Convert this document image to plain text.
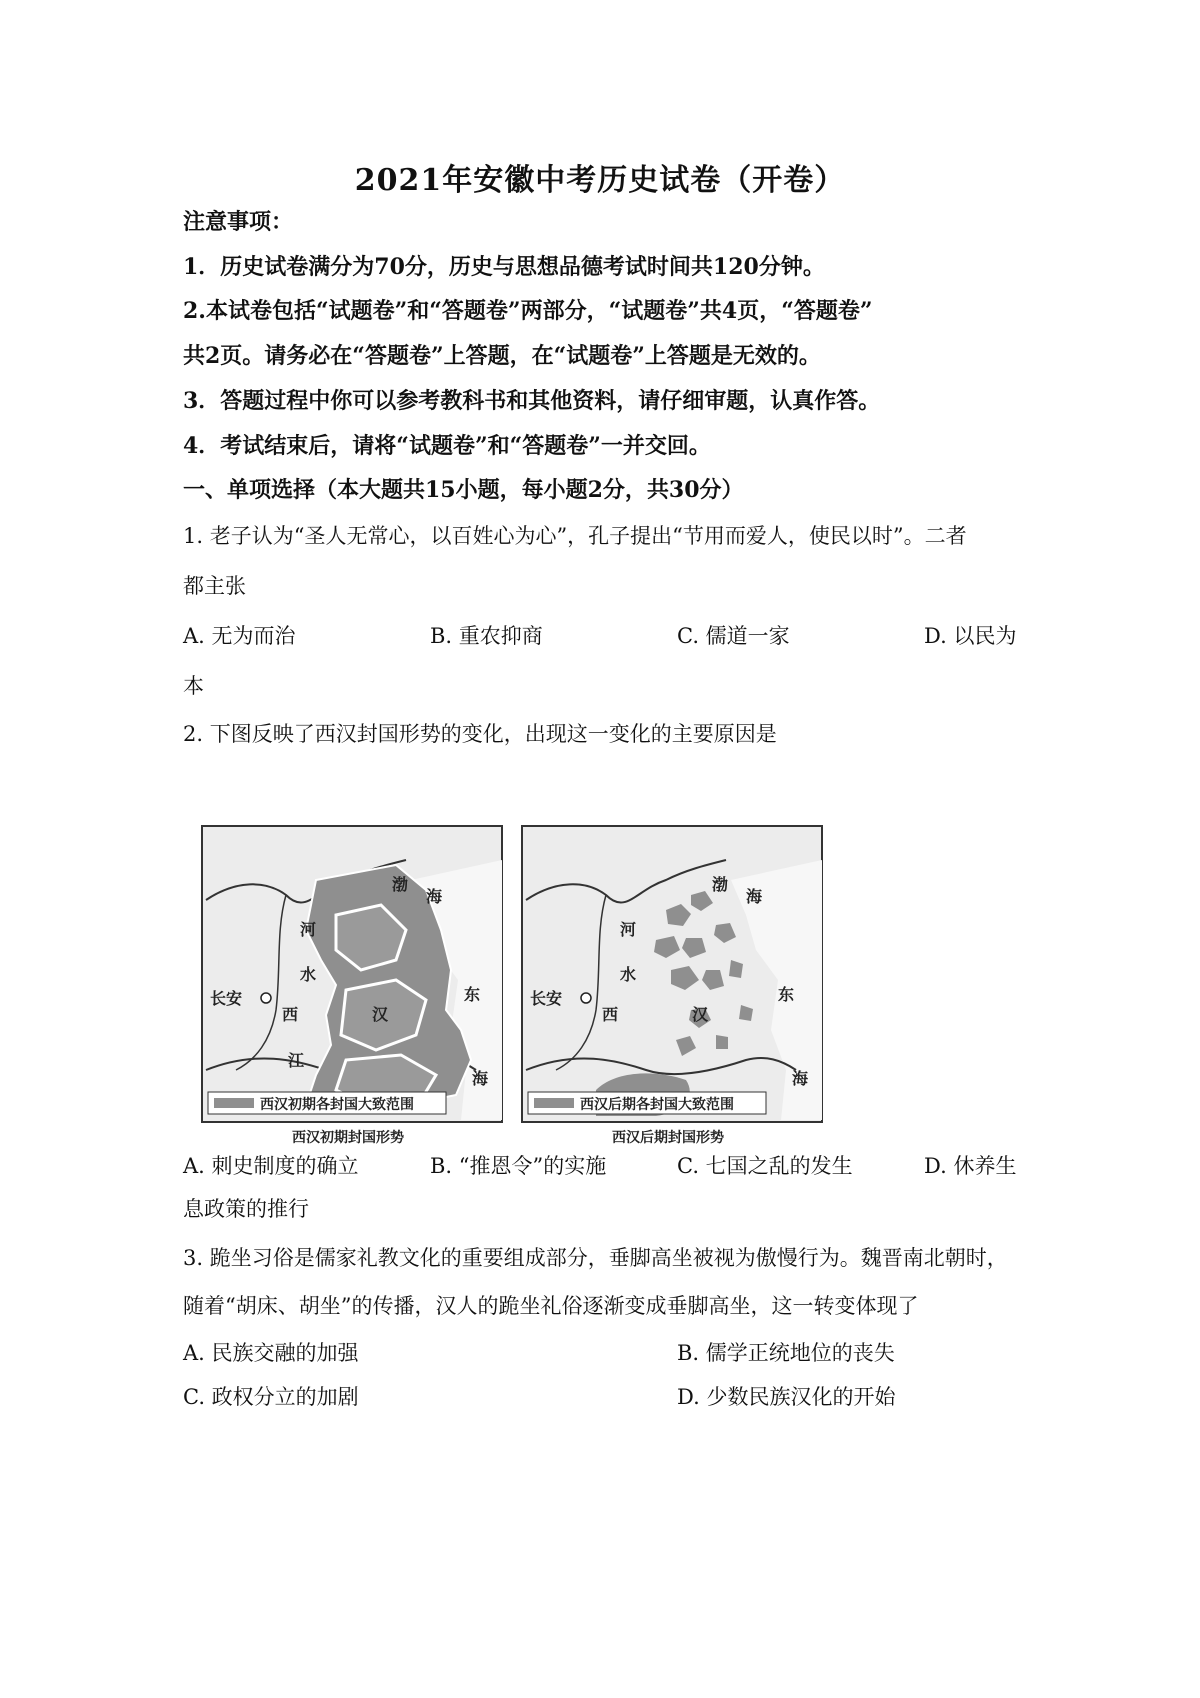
2021年安徽中考历史试卷（开卷）
注意事项：
1．历史试卷满分为70分，历史与思想品德考试时间共120分钟。
2.本试卷包括“试题卷”和“答题卷”两部分，“试题卷”共4页，“答题卷”
共2页。请务必在“答题卷”上答题，在“试题卷”上答题是无效的。
3．答题过程中你可以参考教科书和其他资料，请仔细审题，认真作答。
4．考试结束后，请将“试题卷”和“答题卷”一并交回。
一、单项选择（本大题共15小题，每小题2分，共30分）
1. 老子认为“圣人无常心，以百姓心为心”，孔子提出“节用而爱人，使民以时”。二者
都主张
A. 无为而治	B. 重农抑商	C. 儒道一家	D. 以民为
本
2. 下图反映了西汉封国形势的变化，出现这一变化的主要原因是
长安
河
水
西	汉
江
东
渤
海
海
西汉初期各封国大致范围
西汉初期封国形势
长安
河
水
西	汉
东
渤
海
海
西汉后期各封国大致范围
西汉后期封国形势
A. 刺史制度的确立	B. “推恩令”的实施	C. 七国之乱的发生	D. 休养生
息政策的推行
3. 跪坐习俗是儒家礼教文化的重要组成部分，垂脚高坐被视为傲慢行为。魏晋南北朝时，
随着“胡床、胡坐”的传播，汉人的跪坐礼俗逐渐变成垂脚高坐，这一转变体现了
A. 民族交融的加强	B. 儒学正统地位的丧失
C. 政权分立的加剧	D. 少数民族汉化的开始
